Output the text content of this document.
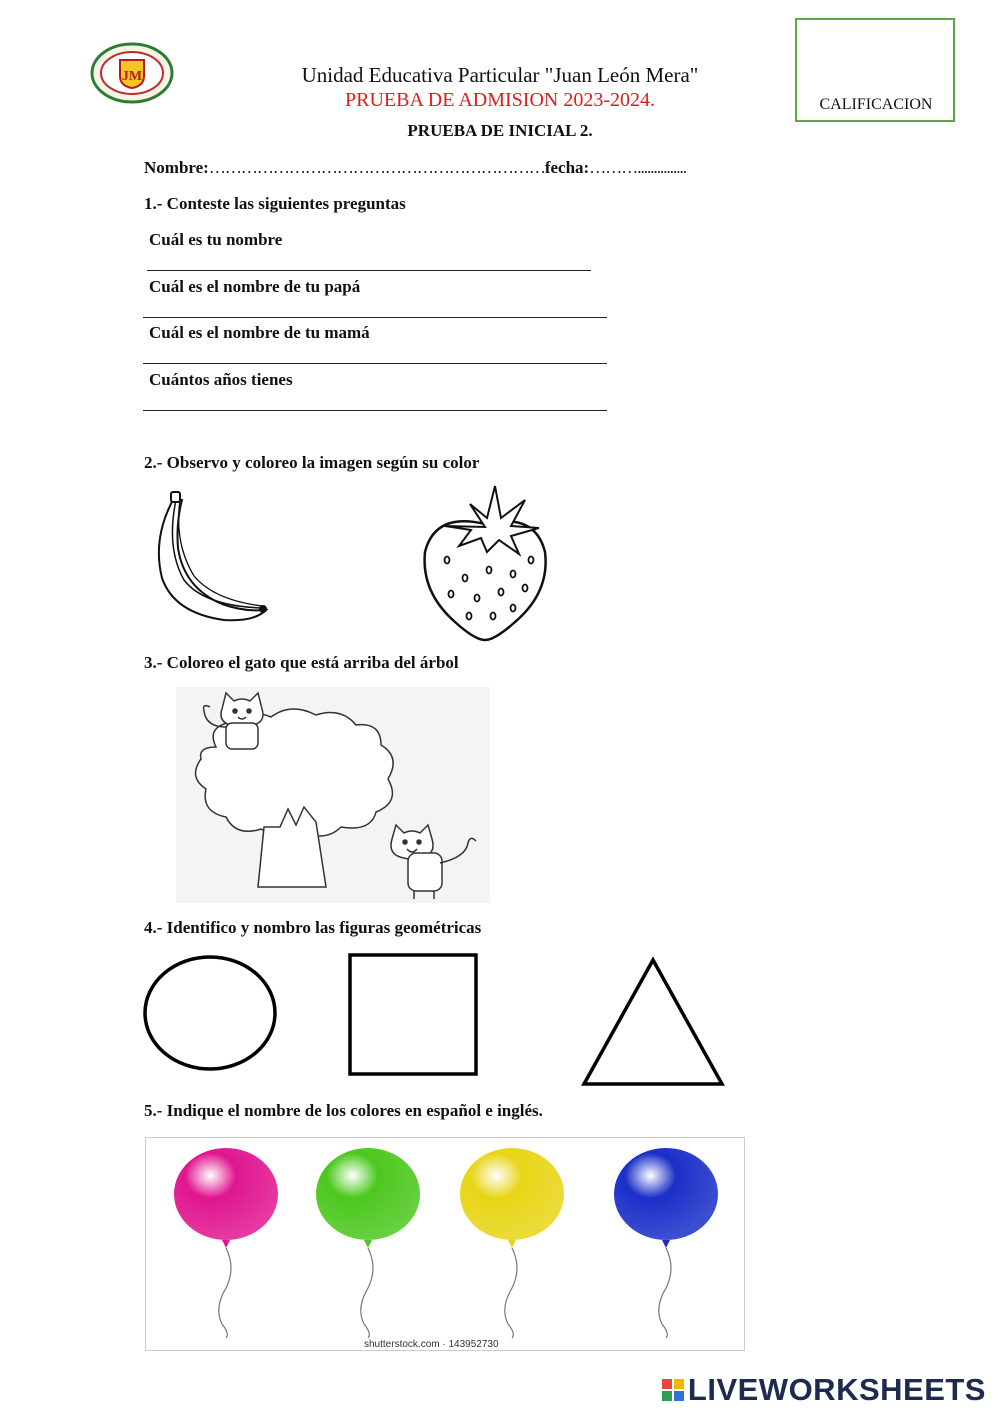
JM	Unidad Educativa Particular "Juan León Mera"
PRUEBA DE ADMISION 2023-2024.
PRUEBA DE INICIAL 2.
CALIFICACION
Nombre:………………………………………………………fecha:………...............
1.- Conteste las siguientes preguntas
Cuál es tu nombre
Cuál es el nombre de tu papá
Cuál es el nombre de tu mamá
Cuántos años tienes
2.- Observo y coloreo la imagen según su color
3.- Coloreo el gato que está arriba del árbol
4.- Identifico y nombro las figuras geométricas
5.- Indique el nombre de los colores en español e inglés.
shutterstock.com · 143952730
LIVEWORKSHEETS
